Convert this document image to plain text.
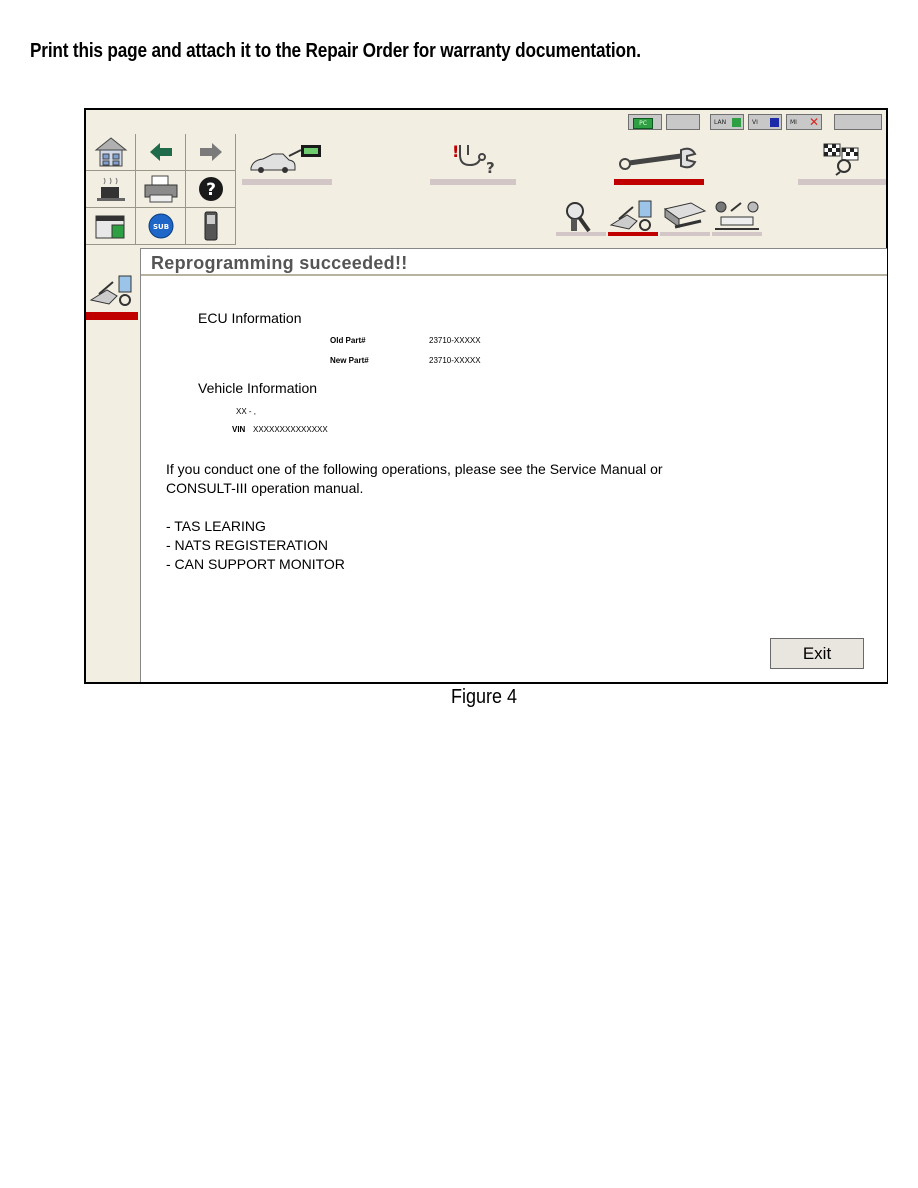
Print this page and attach it to the Repair Order for warranty documentation.
PC	LAN	VI	MI ✕
?
SUB
!
?
Reprogramming succeeded!!
ECU Information
Old Part#	23710-XXXXX
New Part#	23710-XXXXX
Vehicle Information
XX - ,
VIN XXXXXXXXXXXXXX
If you conduct one of the following operations, please see the Service Manual or
CONSULT-III operation manual.
- TAS LEARING
- NATS REGISTERATION
- CAN SUPPORT MONITOR
Exit
Figure 4
